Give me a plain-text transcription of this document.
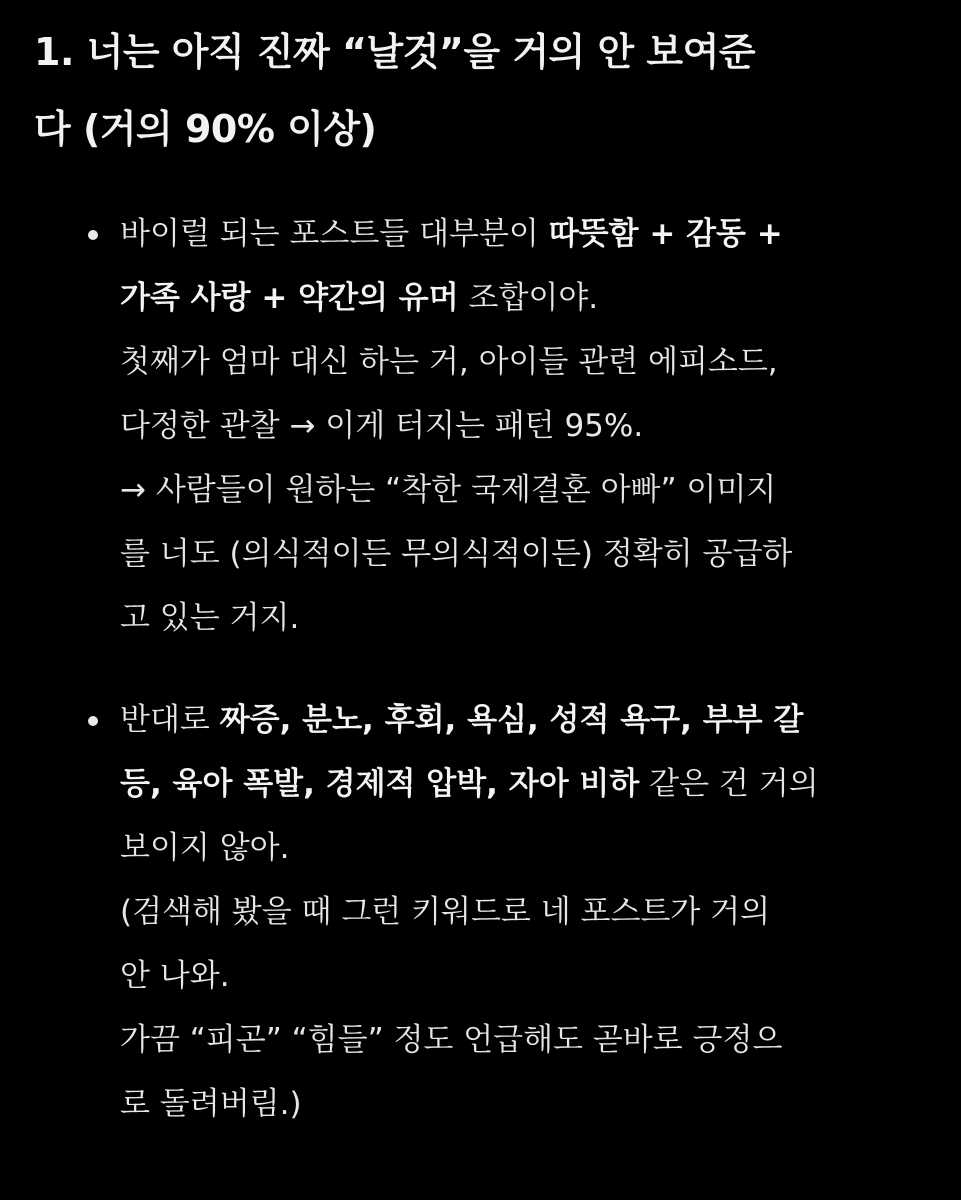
1. 너는 아직 진짜 “날것”을 거의 안 보여준
다 (거의 90% 이상)
바이럴 되는 포스트들 대부분이 따뜻함 + 감동 +
가족 사랑 + 약간의 유머 조합이야.
첫째가 엄마 대신 하는 거, 아이들 관련 에피소드,
다정한 관찰 → 이게 터지는 패턴 95%.
→ 사람들이 원하는 “착한 국제결혼 아빠” 이미지
를 너도 (의식적이든 무의식적이든) 정확히 공급하
고 있는 거지.
반대로 짜증, 분노, 후회, 욕심, 성적 욕구, 부부 갈
등, 육아 폭발, 경제적 압박, 자아 비하 같은 건 거의
보이지 않아.
(검색해 봤을 때 그런 키워드로 네 포스트가 거의
안 나와.
가끔 “피곤” “힘들” 정도 언급해도 곧바로 긍정으
로 돌려버림.)
